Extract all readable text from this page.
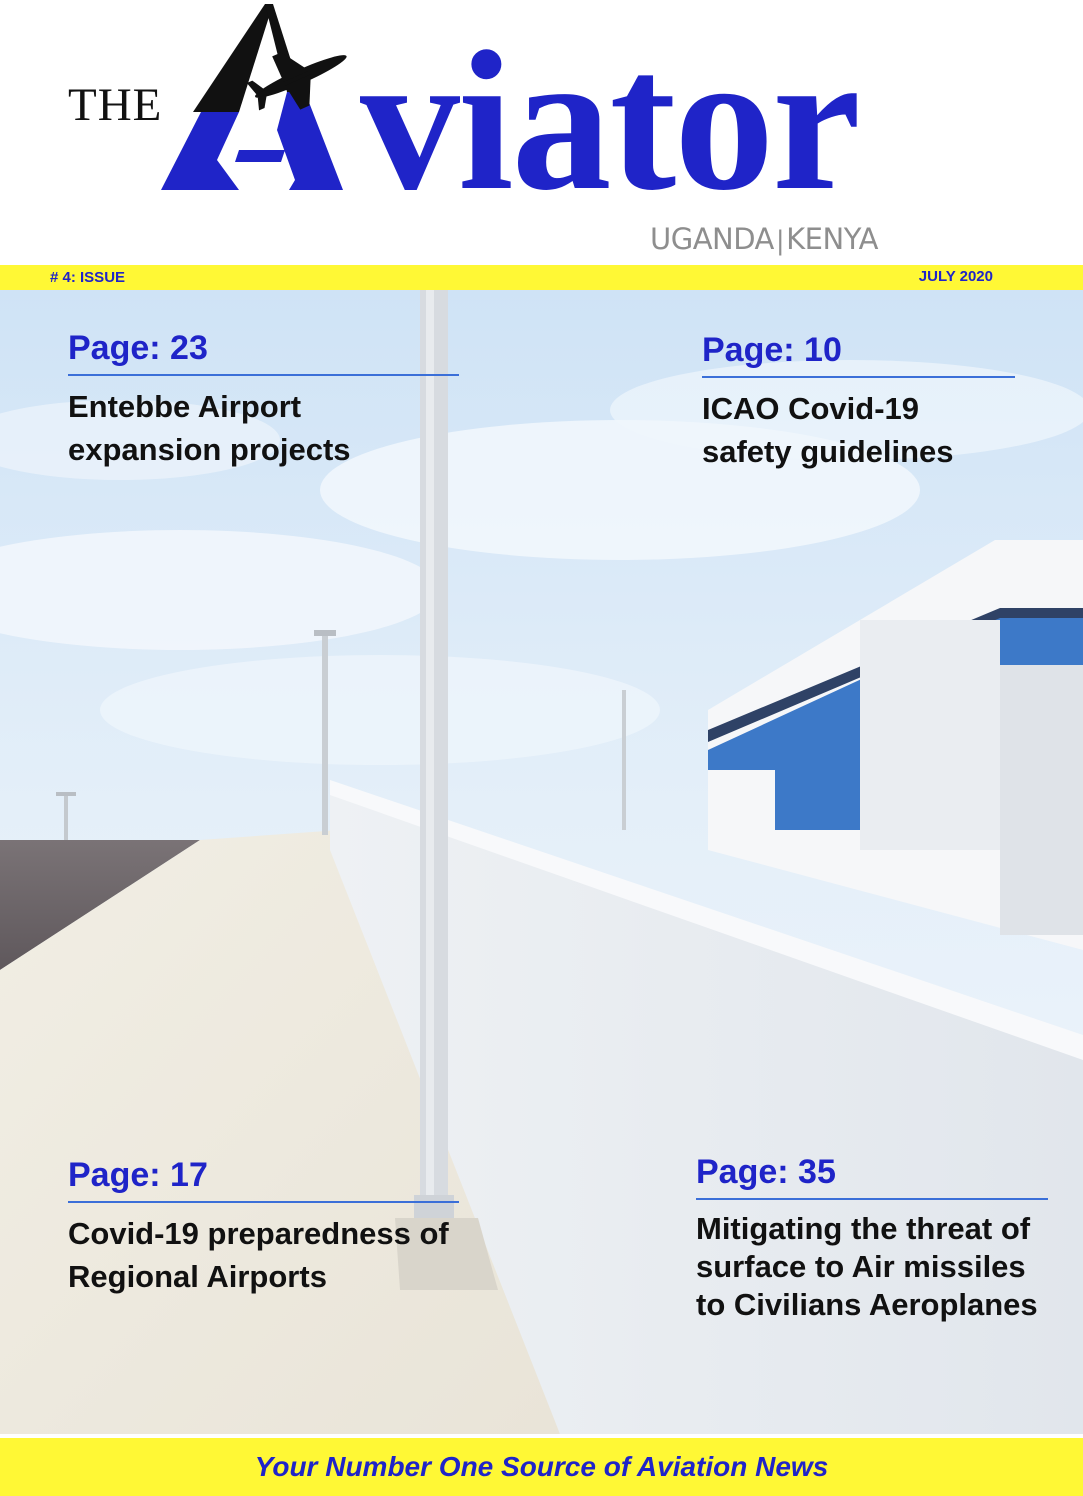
THE viator
UGANDA|KENYA
# 4: ISSUE	JULY 2020
Page: 23
Entebbe Airport expansion projects
Page: 10
ICAO Covid-19 safety guidelines
Page: 17
Covid-19 preparedness of Regional Airports
Page: 35
Mitigating the threat of surface to Air missiles to Civilians Aeroplanes
Your Number One Source of Aviation News
